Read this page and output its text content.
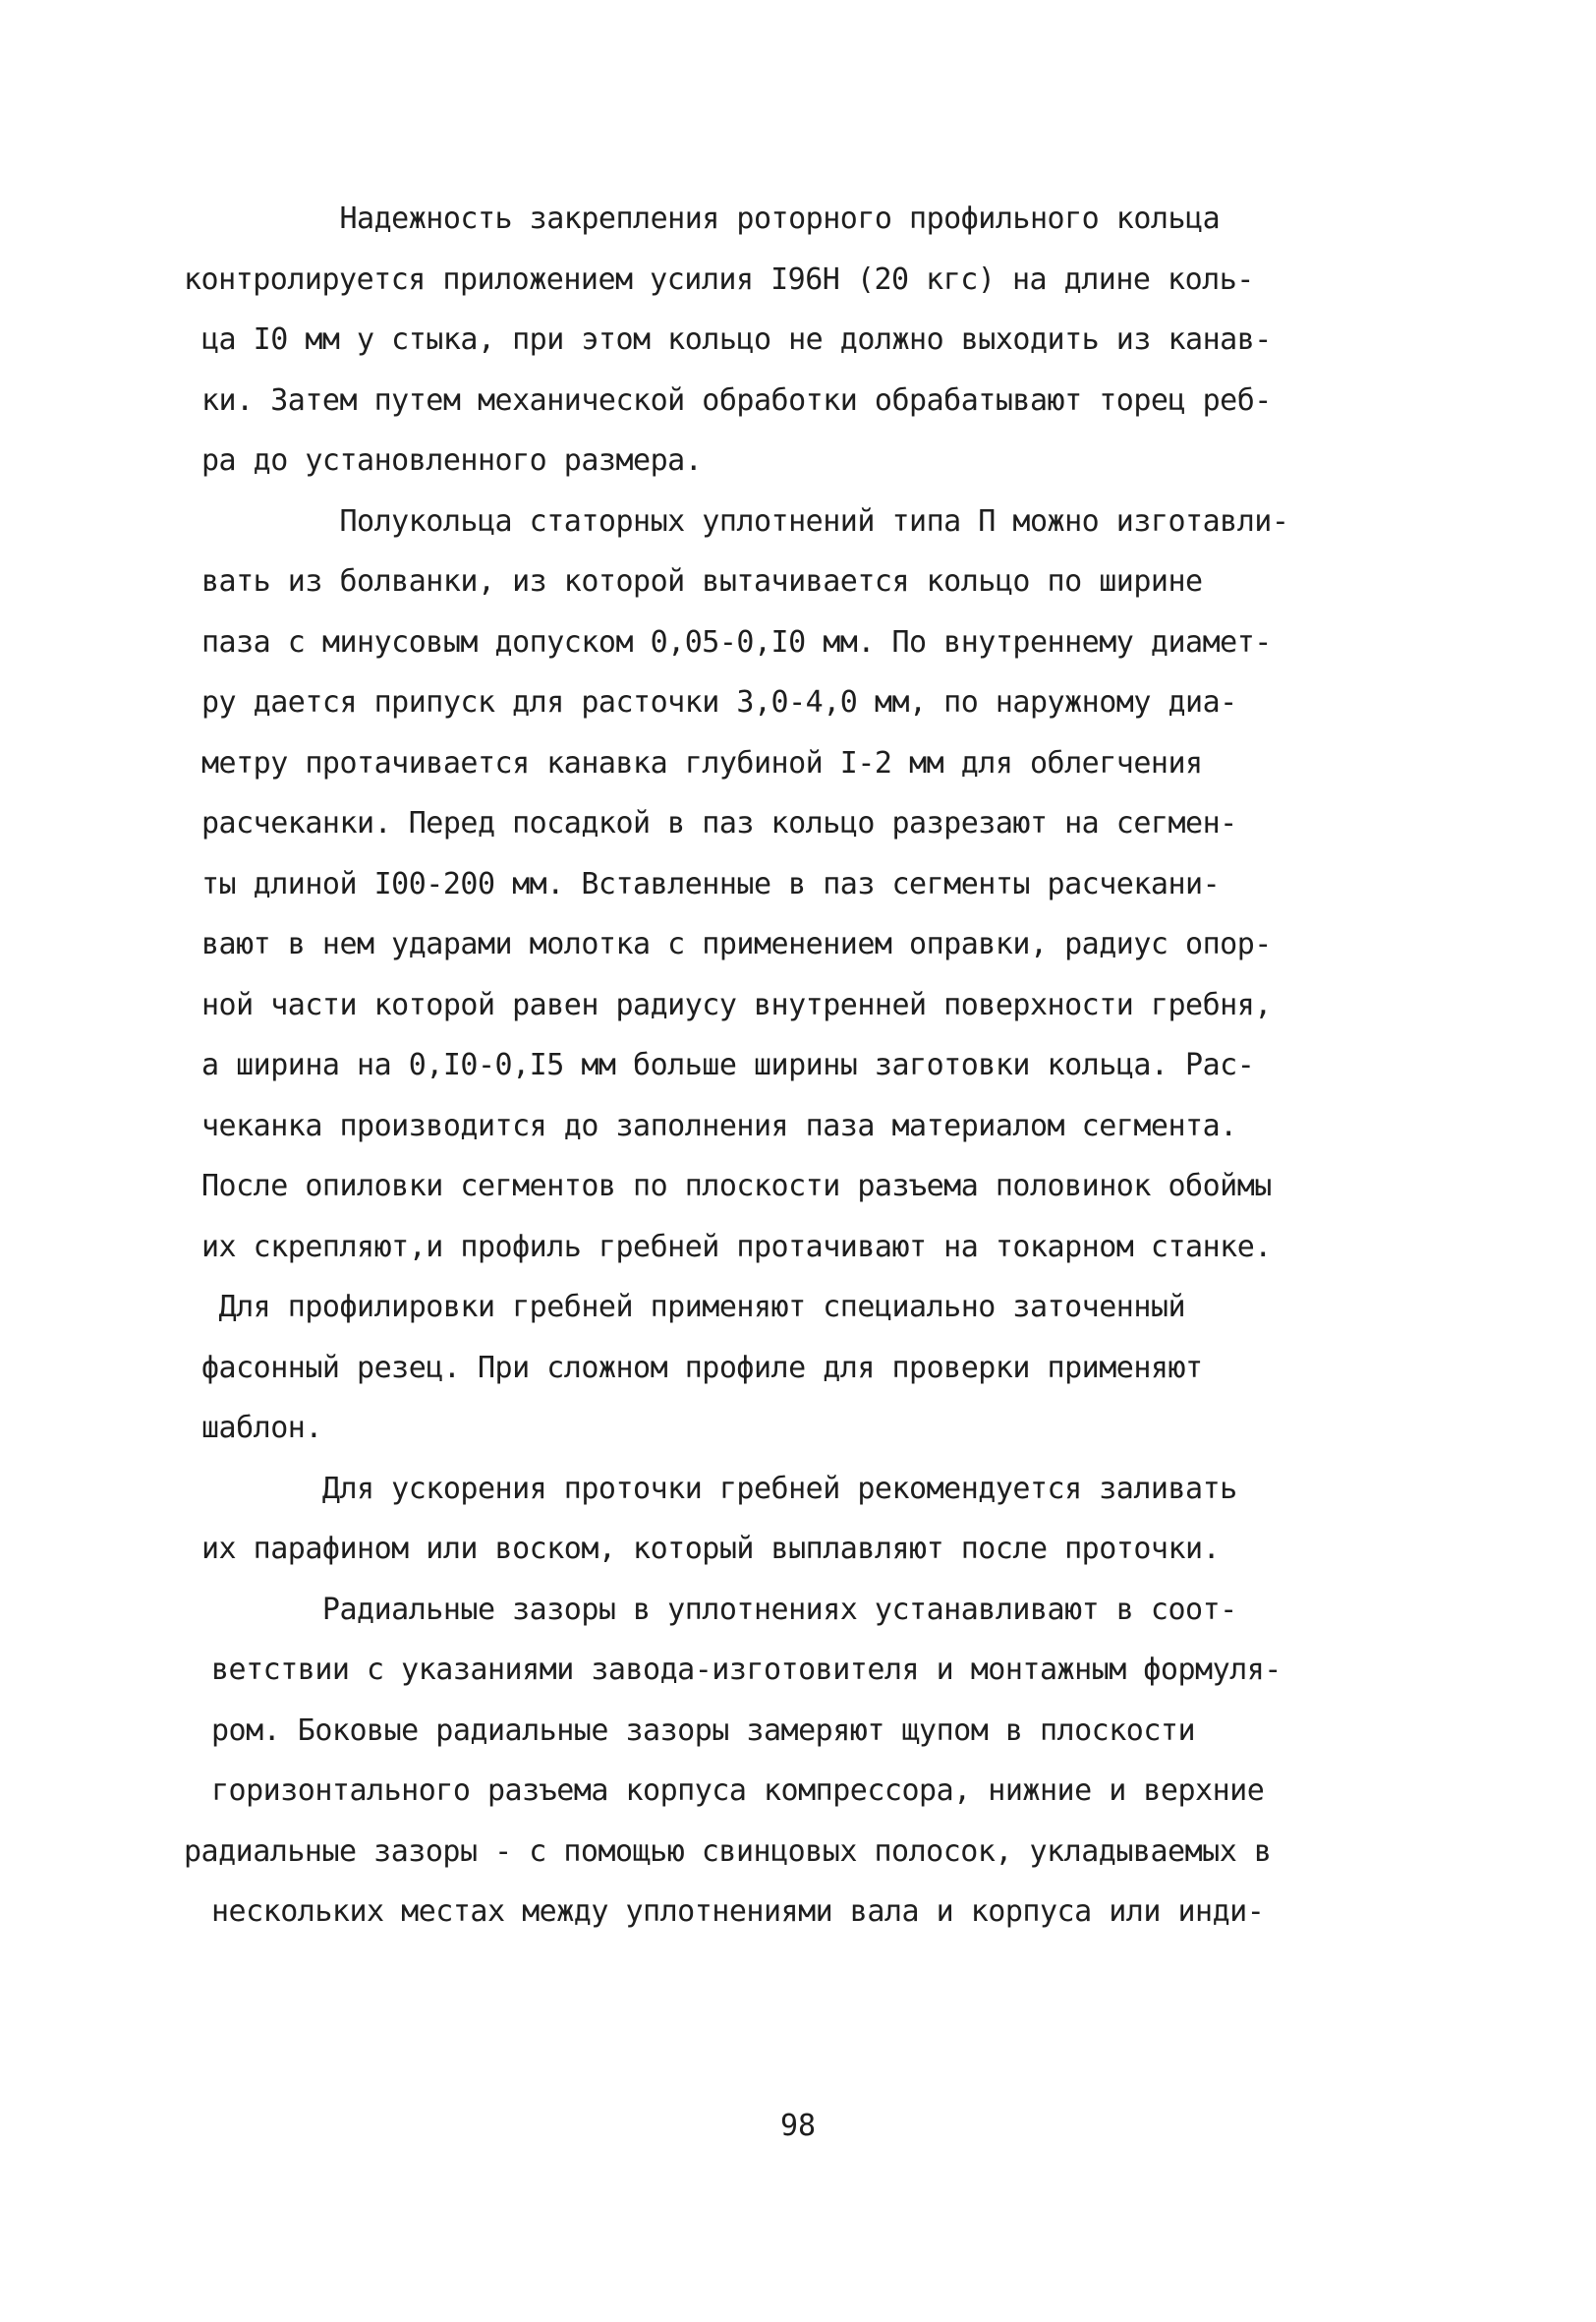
Надежность закрепления роторного профильного кольца
контролируется приложением усилия I96Н (20 кгс) на длине коль-
ца I0 мм у стыка, при этом кольцо не должно выходить из канав-
ки. Затем путем механической обработки обрабатывают торец реб-
ра до установленного размера.
Полукольца статорных уплотнений типа П можно изготавли-
вать из болванки, из которой вытачивается кольцо по ширине
паза с минусовым допуском 0,05-0,I0 мм. По внутреннему диамет-
ру дается припуск для расточки 3,0-4,0 мм, по наружному диа-
метру протачивается канавка глубиной I-2 мм для облегчения
расчеканки. Перед посадкой в паз кольцо разрезают на сегмен-
ты длиной I00-200 мм. Вставленные в паз сегменты расчекани-
вают в нем ударами молотка с применением оправки, радиус опор-
ной части которой равен радиусу внутренней поверхности гребня,
а ширина на 0,I0-0,I5 мм больше ширины заготовки кольца. Рас-
чеканка производится до заполнения паза материалом сегмента.
После опиловки сегментов по плоскости разъема половинок обоймы
их скрепляют,и профиль гребней протачивают на токарном станке.
Для профилировки гребней применяют специально заточенный
фасонный резец. При сложном профиле для проверки применяют
шаблон.
Для ускорения проточки гребней рекомендуется заливать
их парафином или воском, который выплавляют после проточки.
Радиальные зазоры в уплотнениях устанавливают в соот-
ветствии с указаниями завода-изготовителя и монтажным формуля-
ром. Боковые радиальные зазоры замеряют щупом в плоскости
горизонтального разъема корпуса компрессора, нижние и верхние
радиальные зазоры - с помощью свинцовых полосок, укладываемых в
нескольких местах между уплотнениями вала и корпуса или инди-
98
